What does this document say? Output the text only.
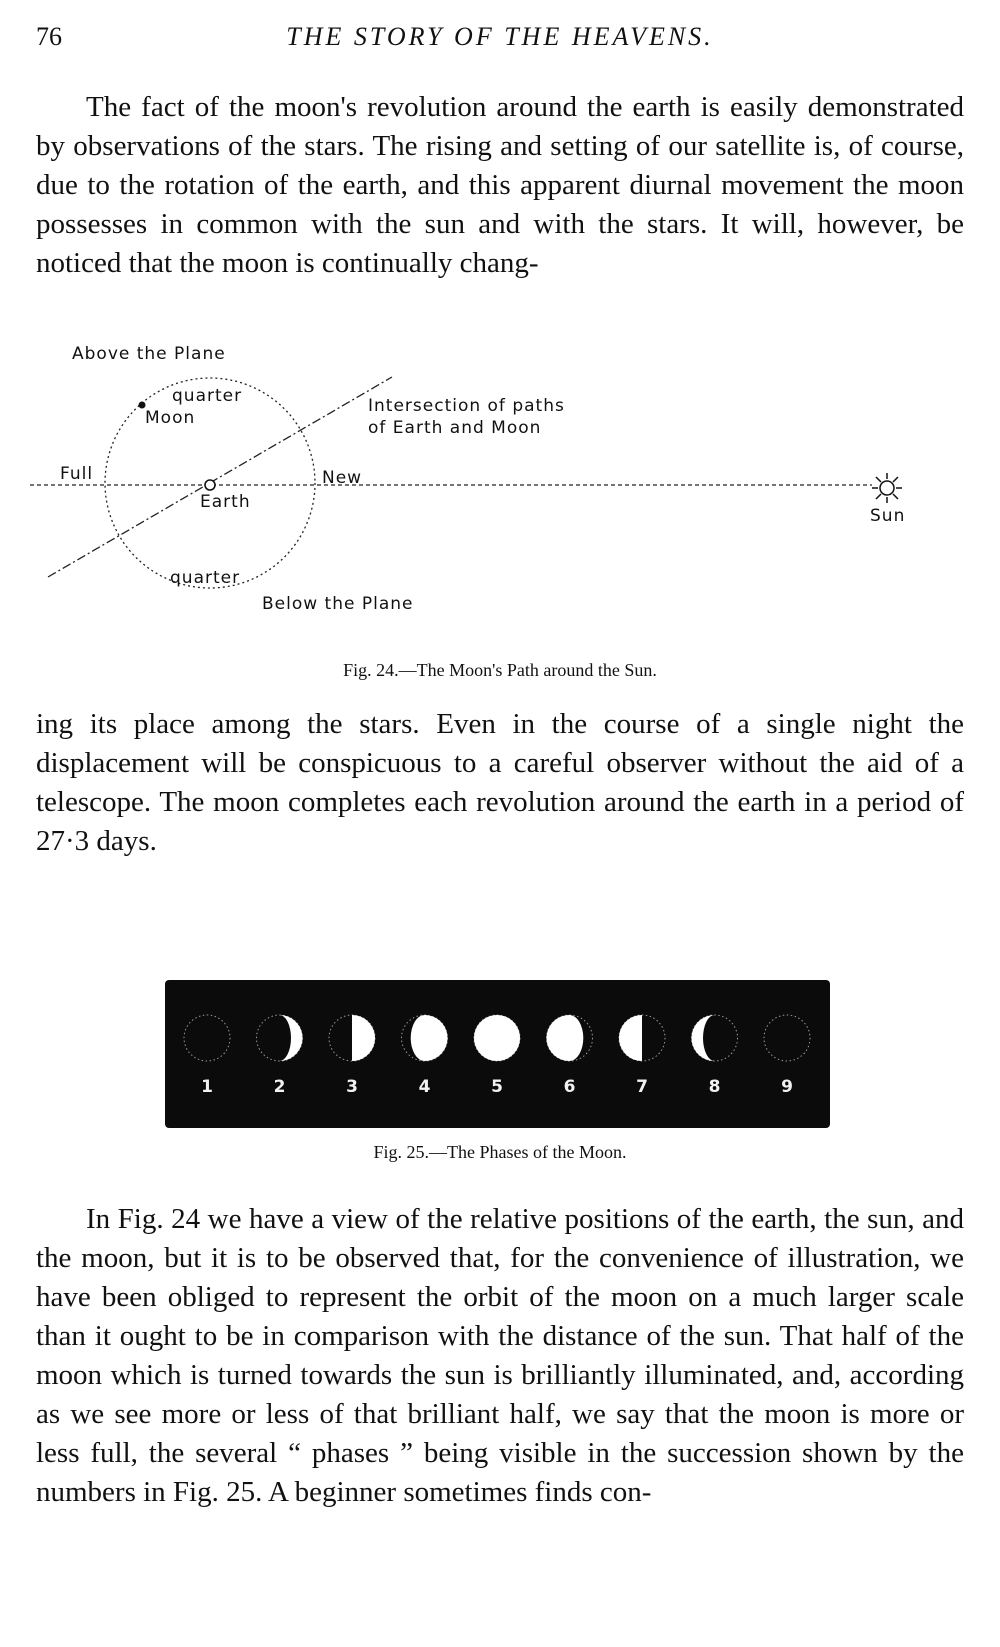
76	THE STORY OF THE HEAVENS.

The fact of the moon's revolution around the earth is easily demonstrated by observations of the stars. The rising and setting of our satellite is, of course, due to the rotation of the earth, and this apparent diurnal movement the moon possesses in common with the sun and with the stars. It will, however, be noticed that the moon is continually chang-

Above the Plane
quarter
Moon
Intersection of paths
of Earth and Moon
Full	New
Earth
Sun
quarter
Below the Plane
Fig. 24.—The Moon's Path around the Sun.

ing its place among the stars. Even in the course of a single night the displacement will be conspicuous to a careful observer without the aid of a telescope. The moon completes each revolution around the earth in a period of 27·3 days.

1	2	3	4	5	6	7	8	9
Fig. 25.—The Phases of the Moon.

In Fig. 24 we have a view of the relative positions of the earth, the sun, and the moon, but it is to be observed that, for the convenience of illustration, we have been obliged to represent the orbit of the moon on a much larger scale than it ought to be in comparison with the distance of the sun. That half of the moon which is turned towards the sun is brilliantly illuminated, and, according as we see more or less of that brilliant half, we say that the moon is more or less full, the several “ phases ” being visible in the succession shown by the numbers in Fig. 25. A beginner sometimes finds con-
